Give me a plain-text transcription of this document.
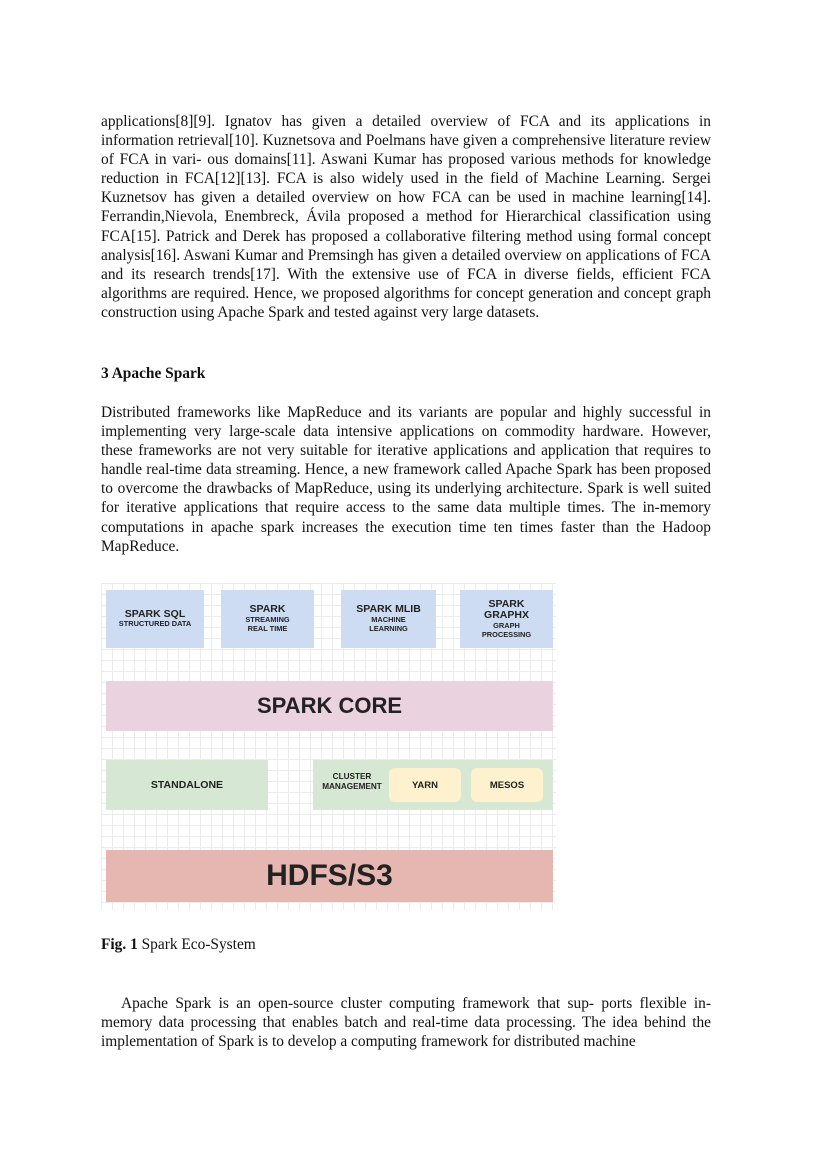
applications[8][9]. Ignatov has given a detailed overview of FCA and its applications in information retrieval[10]. Kuznetsova and Poelmans have given a comprehensive literature review of FCA in vari- ous domains[11]. Aswani Kumar has proposed various methods for knowledge reduction in FCA[12][13]. FCA is also widely used in the field of Machine Learning. Sergei Kuznetsov has given a detailed overview on how FCA can be used in machine learning[14]. Ferrandin,Nievola, Enembreck, Ávila proposed a method for Hierarchical classification using FCA[15]. Patrick and Derek has proposed a collaborative filtering method using formal concept analysis[16]. Aswani Kumar and Premsingh has given a detailed overview on applications of FCA and its research trends[17]. With the extensive use of FCA in diverse fields, efficient FCA algorithms are required. Hence, we proposed algorithms for concept generation and concept graph construction using Apache Spark and tested against very large datasets.

3 Apache Spark

Distributed frameworks like MapReduce and its variants are popular and highly successful in implementing very large-scale data intensive applications on commodity hardware. However, these frameworks are not very suitable for iterative applications and application that requires to handle real-time data streaming. Hence, a new framework called Apache Spark has been proposed to overcome the drawbacks of MapReduce, using its underlying architecture. Spark is well suited for iterative applications that require access to the same data multiple times. The in-memory computations in apache spark increases the execution time ten times faster than the Hadoop MapReduce.

SPARK SQL
STRUCTURED DATA
SPARK
STREAMING
REAL TIME
SPARK MLIB
MACHINE
LEARNING
SPARK
GRAPHX
GRAPH
PROCESSING
SPARK CORE
STANDALONE
CLUSTER
MANAGEMENT	YARN	MESOS
HDFS/S3

Fig. 1 Spark Eco-System

Apache Spark is an open-source cluster computing framework that sup- ports flexible in-memory data processing that enables batch and real-time data processing. The idea behind the implementation of Spark is to develop a computing framework for distributed machine
